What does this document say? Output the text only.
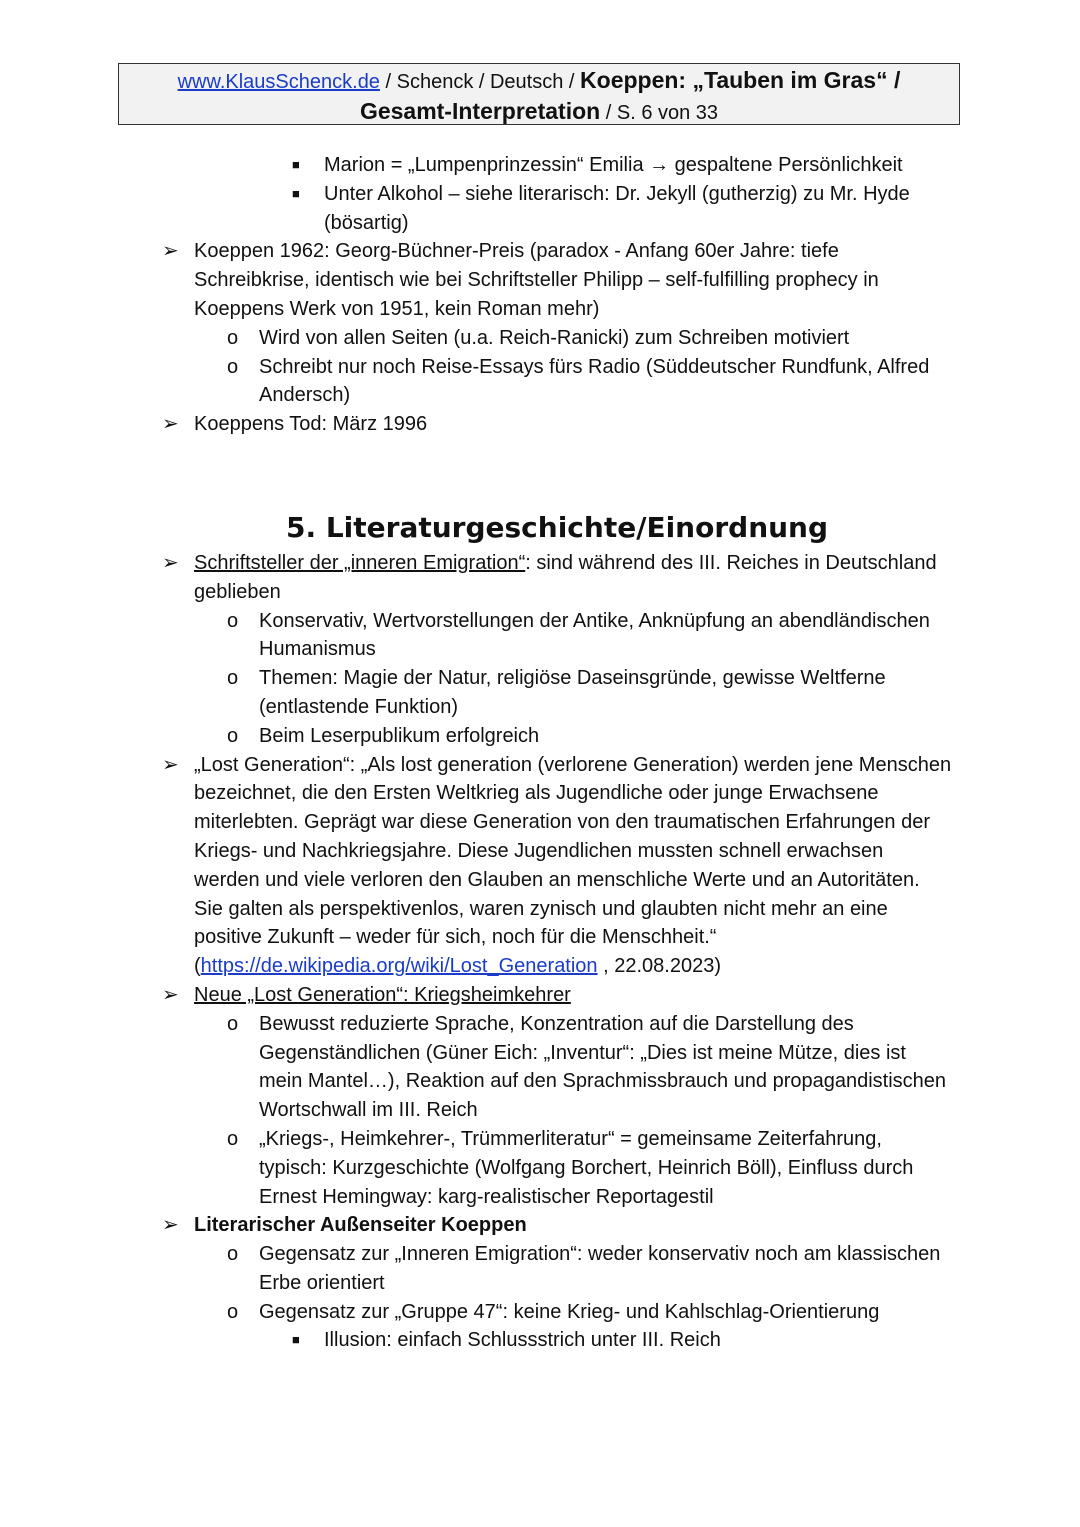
www.KlausSchenck.de / Schenck / Deutsch / Koeppen: „Tauben im Gras“ /
Gesamt-Interpretation / S. 6 von 33
■ Marion = „Lumpenprinzessin“ Emilia → gespaltene Persönlichkeit
■ Unter Alkohol – siehe literarisch: Dr. Jekyll (gutherzig) zu Mr. Hyde (bösartig)
➢ Koeppen 1962: Georg-Büchner-Preis (paradox - Anfang 60er Jahre: tiefe Schreibkrise, identisch wie bei Schriftsteller Philipp – self-fulfilling prophecy in Koeppens Werk von 1951, kein Roman mehr)
o Wird von allen Seiten (u.a. Reich-Ranicki) zum Schreiben motiviert
o Schreibt nur noch Reise-Essays fürs Radio (Süddeutscher Rundfunk, Alfred Andersch)
➢ Koeppens Tod: März 1996
5. Literaturgeschichte/Einordnung
➢ Schriftsteller der „inneren Emigration“: sind während des III. Reiches in Deutschland geblieben
o Konservativ, Wertvorstellungen der Antike, Anknüpfung an abendländischen Humanismus
o Themen: Magie der Natur, religiöse Daseinsgründe, gewisse Weltferne (entlastende Funktion)
o Beim Leserpublikum erfolgreich
➢ „Lost Generation“: „Als lost generation (verlorene Generation) werden jene Menschen bezeichnet, die den Ersten Weltkrieg als Jugendliche oder junge Erwachsene miterlebten. Geprägt war diese Generation von den traumatischen Erfahrungen der Kriegs- und Nachkriegsjahre. Diese Jugendlichen mussten schnell erwachsen werden und viele verloren den Glauben an menschliche Werte und an Autoritäten. Sie galten als perspektivenlos, waren zynisch und glaubten nicht mehr an eine positive Zukunft – weder für sich, noch für die Menschheit.“
(https://de.wikipedia.org/wiki/Lost_Generation , 22.08.2023)
➢ Neue „Lost Generation“: Kriegsheimkehrer
o Bewusst reduzierte Sprache, Konzentration auf die Darstellung des Gegenständlichen (Güner Eich: „Inventur“: „Dies ist meine Mütze, dies ist mein Mantel…), Reaktion auf den Sprachmissbrauch und propagandistischen Wortschwall im III. Reich
o „Kriegs-, Heimkehrer-, Trümmerliteratur“ = gemeinsame Zeiterfahrung, typisch: Kurzgeschichte (Wolfgang Borchert, Heinrich Böll), Einfluss durch Ernest Hemingway: karg-realistischer Reportagestil
➢ Literarischer Außenseiter Koeppen
o Gegensatz zur „Inneren Emigration“: weder konservativ noch am klassischen Erbe orientiert
o Gegensatz zur „Gruppe 47“: keine Krieg- und Kahlschlag-Orientierung
■ Illusion: einfach Schlussstrich unter III. Reich
